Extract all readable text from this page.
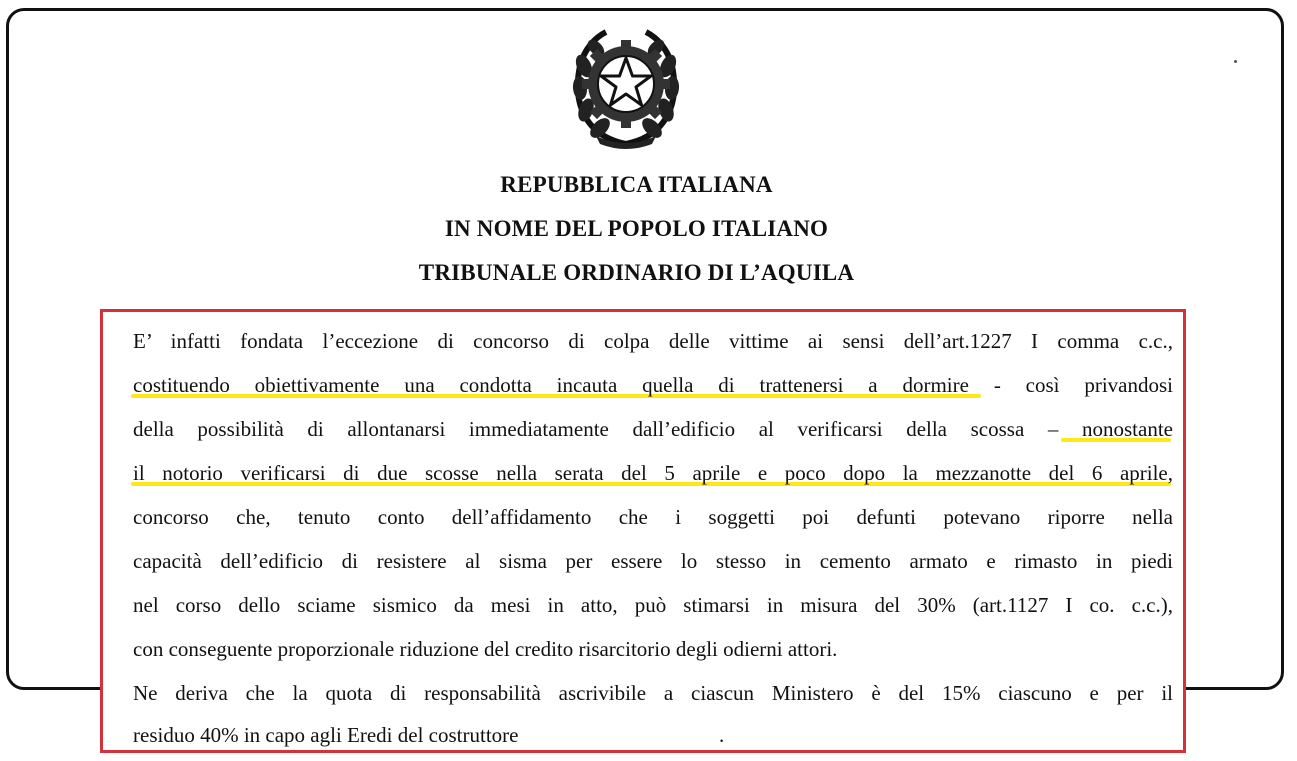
REPUBBLICA ITALIANA
IN NOME DEL POPOLO ITALIANO
TRIBUNALE ORDINARIO DI L’AQUILA
E’ infatti fondata l’eccezione di concorso di colpa delle vittime ai sensi dell’art.1227 I comma c.c.,
costituendo obiettivamente una condotta incauta quella di trattenersi a dormire - così privandosi
della possibilità di allontanarsi immediatamente dall’edificio al verificarsi della scossa – nonostante
il notorio verificarsi di due scosse nella serata del 5 aprile e poco dopo la mezzanotte del 6 aprile,
concorso che, tenuto conto dell’affidamento che i soggetti poi defunti potevano riporre nella
capacità dell’edificio di resistere al sisma per essere lo stesso in cemento armato e rimasto in piedi
nel corso dello sciame sismico da mesi in atto, può stimarsi in misura del 30% (art.1127 I co. c.c.),
con conseguente proporzionale riduzione del credito risarcitorio degli odierni attori.
Ne deriva che la quota di responsabilità ascrivibile a ciascun Ministero è del 15% ciascuno e per il
residuo 40% in capo agli Eredi del costruttore	.
